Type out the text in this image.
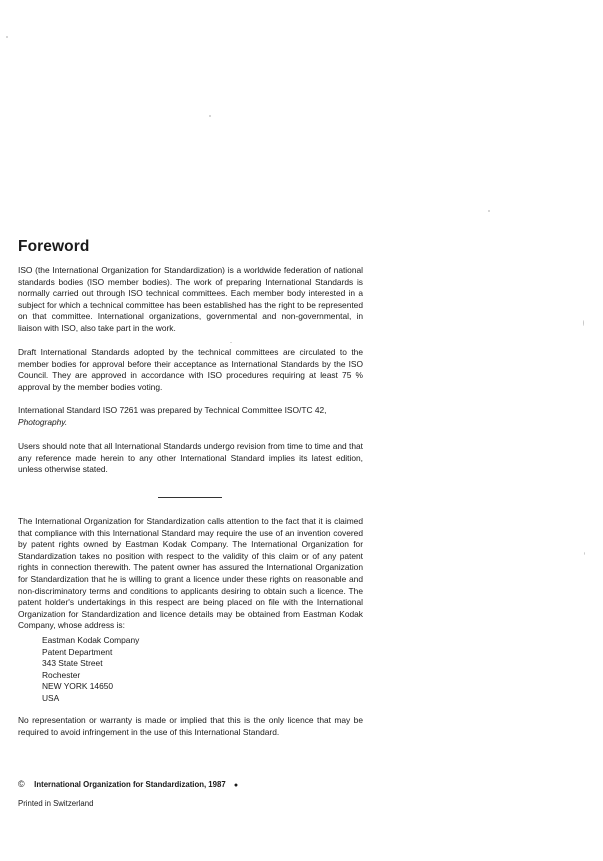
Foreword

ISO (the International Organization for Standardization) is a worldwide federation of national standards bodies (ISO member bodies). The work of preparing International Standards is normally carried out through ISO technical committees. Each member body interested in a subject for which a technical committee has been established has the right to be represented on that committee. International organizations, governmental and non-governmental, in liaison with ISO, also take part in the work.

Draft International Standards adopted by the technical committees are circulated to the member bodies for approval before their acceptance as International Standards by the ISO Council. They are approved in accordance with ISO procedures requiring at least 75 % approval by the member bodies voting.

International Standard ISO 7261 was prepared by Technical Committee ISO/TC 42,
Photography.

Users should note that all International Standards undergo revision from time to time and that any reference made herein to any other International Standard implies its latest edition, unless otherwise stated.

The International Organization for Standardization calls attention to the fact that it is claimed that compliance with this International Standard may require the use of an invention covered by patent rights owned by Eastman Kodak Company. The International Organization for Standardization takes no position with respect to the validity of this claim or of any patent rights in connection therewith. The patent owner has assured the International Organization for Standardization that he is willing to grant a licence under these rights on reasonable and non-discriminatory terms and conditions to applicants desiring to obtain such a licence. The patent holder's undertakings in this respect are being placed on file with the International Organization for Standardization and licence details may be obtained from Eastman Kodak Company, whose address is:

Eastman Kodak Company
Patent Department
343 State Street
Rochester
NEW YORK 14650
USA

No representation or warranty is made or implied that this is the only licence that may be required to avoid infringement in the use of this International Standard.

© International Organization for Standardization, 1987 ●
Printed in Switzerland
